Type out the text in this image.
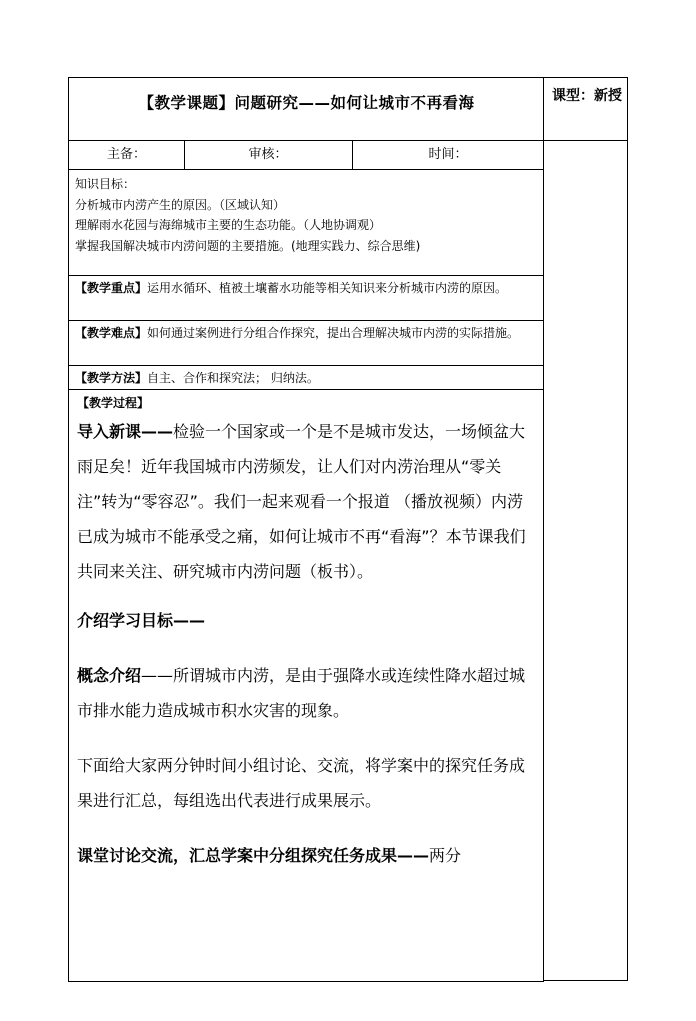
【教学课题】问题研究——如何让城市不再看海	课型：新授
主备：	审核：	时间：
知识目标：
分析城市内涝产生的原因。（区域认知）
理解雨水花园与海绵城市主要的生态功能。（人地协调观）
掌握我国解决城市内涝问题的主要措施。(地理实践力、综合思维)
【教学重点】运用水循环、植被土壤蓄水功能等相关知识来分析城市内涝的原因。
【教学难点】如何通过案例进行分组合作探究，提出合理解决城市内涝的实际措施。
【教学方法】自主、合作和探究法； 归纳法。
【教学过程】

导入新课——检验一个国家或一个是不是城市发达，一场倾盆大雨足矣！近年我国城市内涝频发，让人们对内涝治理从“零关注”转为“零容忍”。我们一起来观看一个报道 （播放视频）内涝已成为城市不能承受之痛，如何让城市不再“看海”？本节课我们共同来关注、研究城市内涝问题（板书）。

介绍学习目标——

概念介绍——所谓城市内涝，是由于强降水或连续性降水超过城市排水能力造成城市积水灾害的现象。

下面给大家两分钟时间小组讨论、交流，将学案中的探究任务成果进行汇总，每组选出代表进行成果展示。

课堂讨论交流，汇总学案中分组探究任务成果——两分
